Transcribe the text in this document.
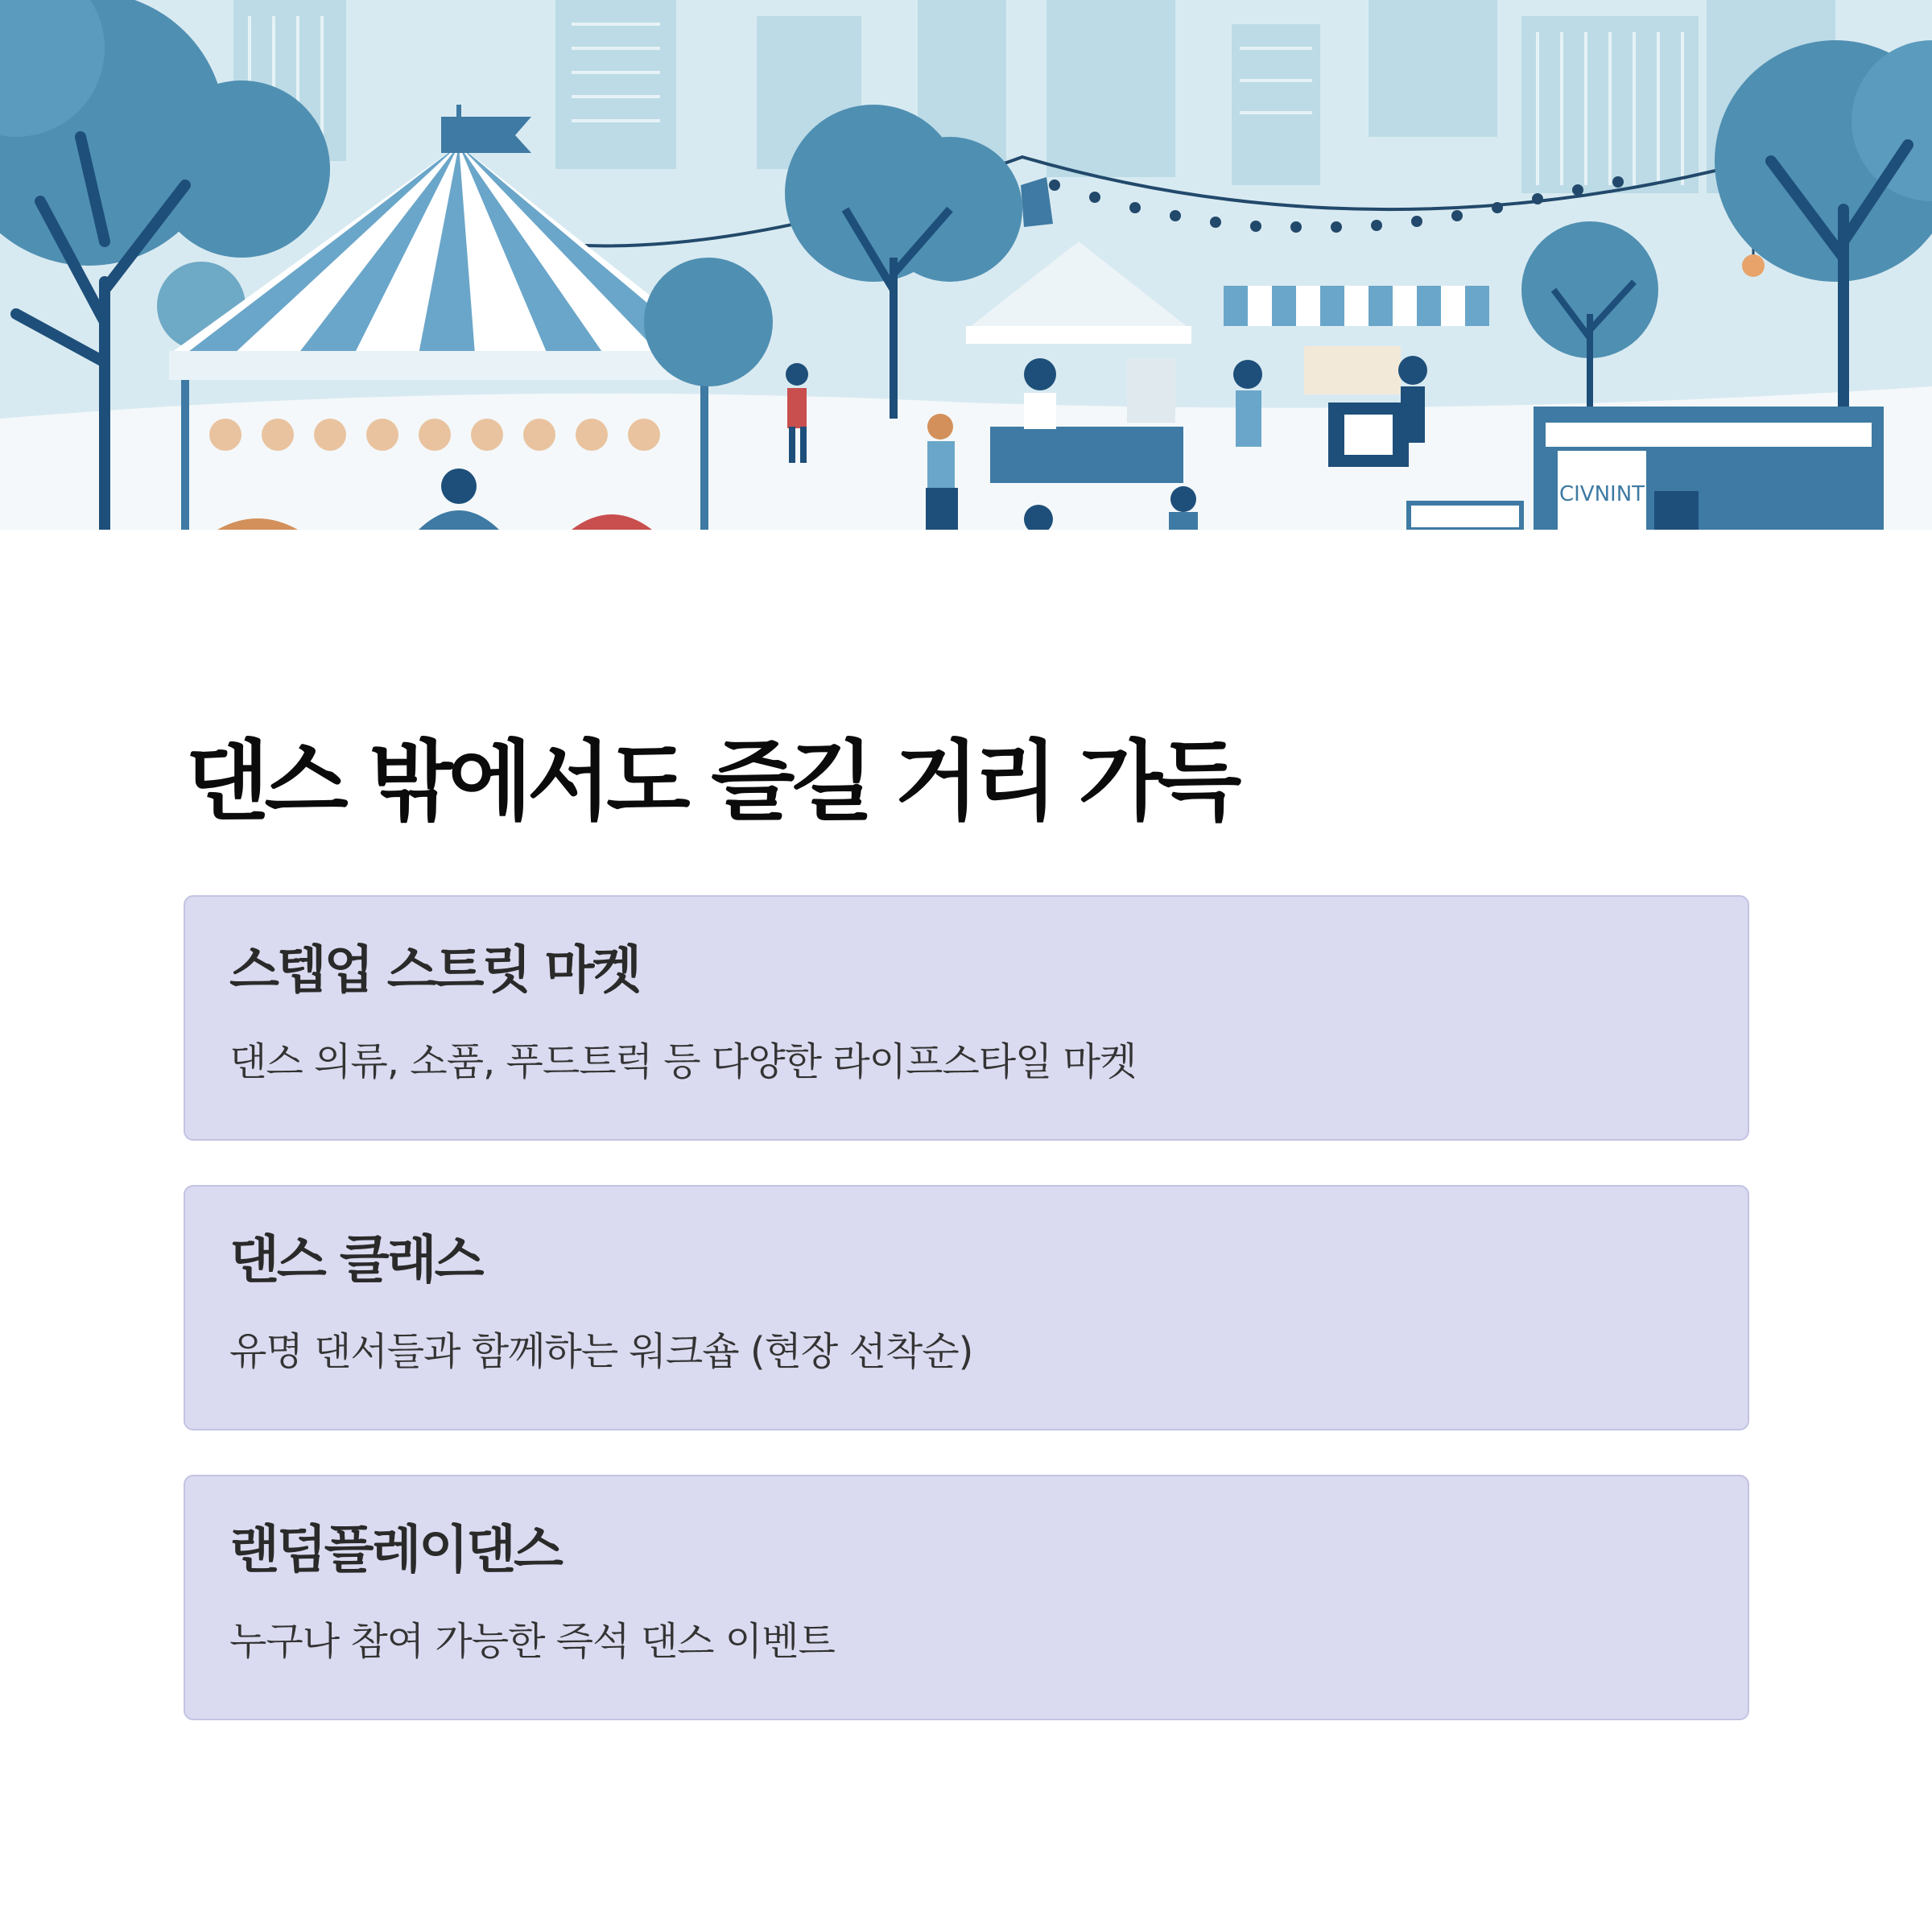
CIVNINT
댄스 밖에서도 즐길 거리 가득
스텝업 스트릿 마켓

댄스 의류, 소품, 푸드트럭 등 다양한 라이프스타일 마켓

댄스 클래스

유명 댄서들과 함께하는 워크숍 (현장 선착순)

랜덤플레이댄스

누구나 참여 가능한 즉석 댄스 이벤트
